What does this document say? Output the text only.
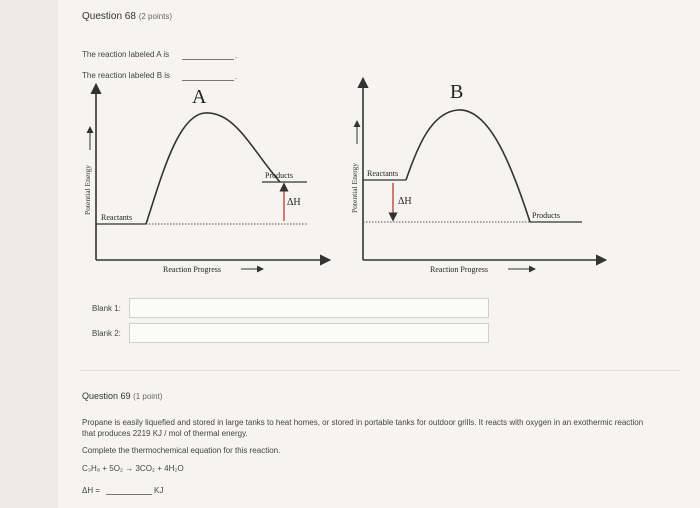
Question 68 (2 points)
The reaction labeled A is	.
The reaction labeled B is	.
A
Potential Energy
Reactants
Products
ΔH
Reaction Progress
B
Potential Energy Reactants
Products
ΔH
Reaction Progress
Blank 1:
Blank 2:
Question 69 (1 point)
Propane is easily liquefied and stored in large tanks to heat homes, or stored in portable tanks for outdoor grills. It reacts with oxygen in an exothermic reaction that produces 2219 KJ / mol of thermal energy.
Complete the thermochemical equation for this reaction.
C₃H₈ + 5O₂ → 3CO₂ + 4H₂O
ΔH =	KJ
